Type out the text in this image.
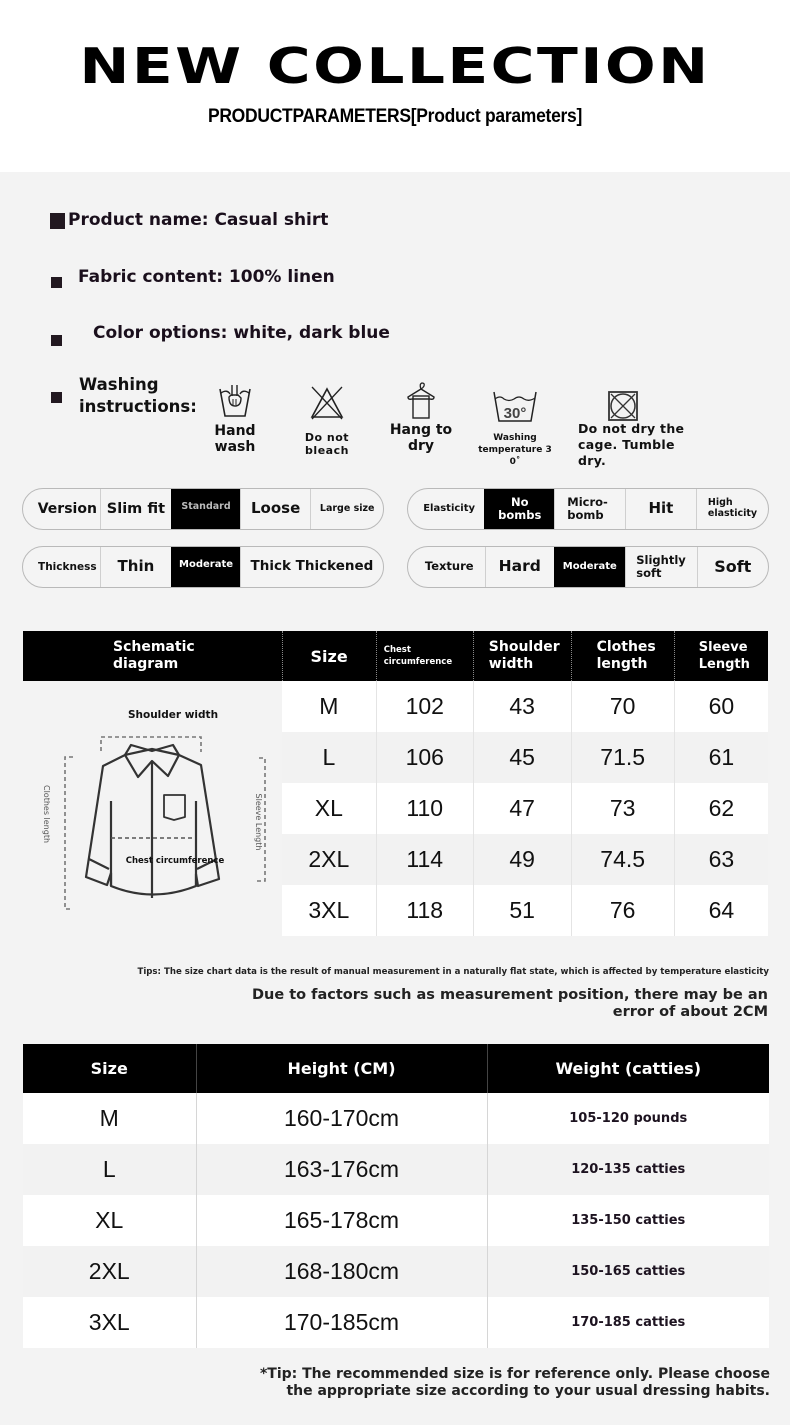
NEW COLLECTION
PRODUCTPARAMETERS[Product parameters]
Product name: Casual shirt
Fabric content: 100% linen
Color options: white, dark blue
Washing instructions:
Hand wash
Do not bleach
Hang to dry
30°
Washing temperature 3 0˚
Do not dry the cage. Tumble dry.
Version Slim fit	Standard	Loose	Large size	Elasticity	No bombs
Micro-bomb	Hit	High elasticity
Thickness	Thin	Moderate	Thick Thickened	Texture	Hard	Moderate	Slightly soft	Soft
Schematic diagram	Size	Chest circumference	Shoulder width	Clothes length	Sleeve Length

Shoulder width
Clothes length Sleeve Length
Chest circumference	M	102	43	70	60
	L	106	45	71.5	61
	XL	110	47	73	62
	2XL	114	49	74.5	63
	3XL	118	51	76	64
Tips: The size chart data is the result of manual measurement in a naturally flat state, which is affected by temperature elasticity
Due to factors such as measurement position, there may be an error of about 2CM
Size	Height (CM)	Weight (catties)
M	160-170cm	105-120 pounds
L	163-176cm	120-135 catties
XL	165-178cm	135-150 catties
2XL	168-180cm	150-165 catties
3XL	170-185cm	170-185 catties
*Tip: The recommended size is for reference only. Please choose the appropriate size according to your usual dressing habits.
